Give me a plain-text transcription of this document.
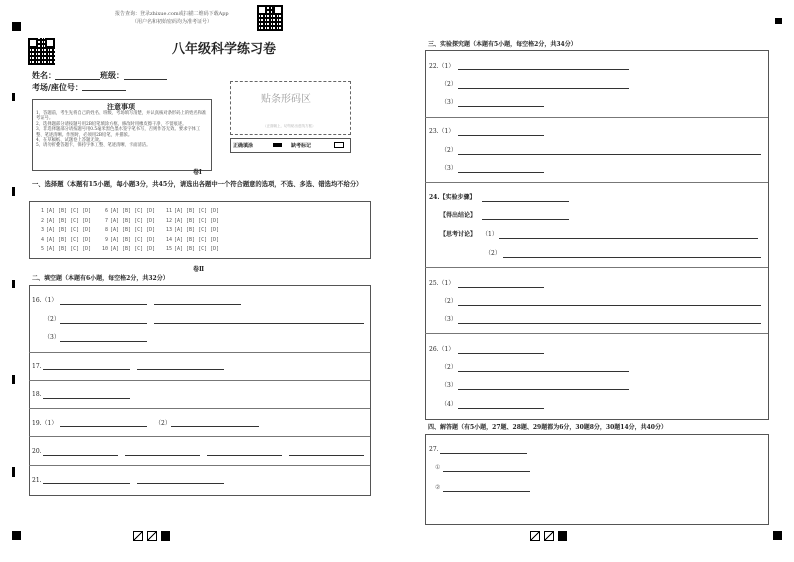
报告查询：登录zhixue.com或扫描二维码下载App
（用户名和初始密码均为准考证号）
八年级科学练习卷
姓名：	班级：
考场/座位号：
注意事项
1、答题前，考生先将自己的姓名、班级、考场填写清楚，并认真核对条形码上的姓名和准考证号。
2、选择题部分请按题号用2B铅笔填涂方框，修改时用橡皮擦干净，不留痕迹。
3、非选择题部分请按题号用0.5毫米黑色墨水签字笔书写，否则作答无效。要求字体工整、笔迹清晰。作图时，必须用2B铅笔，并描浓。
4、在草稿纸、试题卷上答题无效。
5、请勿折叠答题卡，保持字体工整、笔迹清晰、卡面清洁。
贴条形码区
（正面朝上，切勿贴出虚线方框）
正确填涂	缺考标记
卷Ⅰ
一、选择题（本题有15小题，每小题3分，共45分，请选出各题中一个符合题意的选项，不选、多选、错选均不给分）
1 [A] [B] [C] [D]
2 [A] [B] [C] [D]
3 [A] [B] [C] [D]
4 [A] [B] [C] [D]
5 [A] [B] [C] [D]
6 [A] [B] [C] [D]
7 [A] [B] [C] [D]
8 [A] [B] [C] [D]
9 [A] [B] [C] [D]
10 [A] [B] [C] [D]
11 [A] [B] [C] [D]
12 [A] [B] [C] [D]
13 [A] [B] [C] [D]
14 [A] [B] [C] [D]
15 [A] [B] [C] [D]
卷Ⅱ
二、填空题（本题有6小题，每空格2分，共32分）
16.（1）
（2）
（3）
17.
18.
19.（1）	（2）
20.
21.
三、实验探究题（本题有5小题，每空格2分，共34分）
22.（1）
（2）
（3）
23.（1）
（2）
（3）
24.【实验步骤】
【得出结论】
【思考讨论】 （1）
（2）
25.（1）
（2）
（3）
26.（1）
（2）
（3）
（4）
四、解答题（有5小题，27题、28题、29题都为6分，30题8分，30题14分，共40分）
27.
①
②
